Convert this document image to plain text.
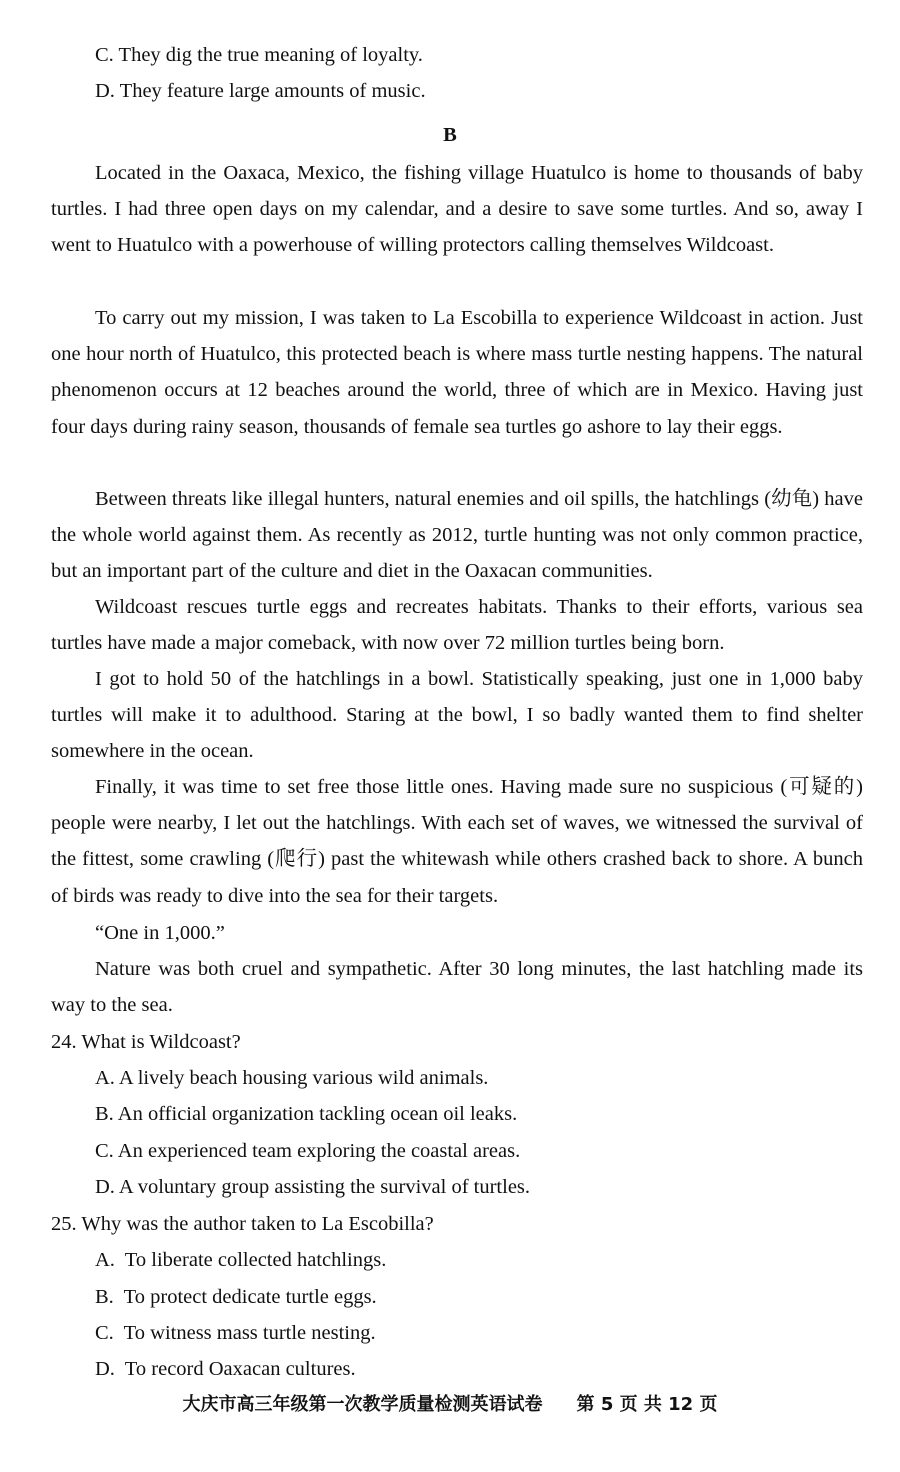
C. They dig the true meaning of loyalty.
D. They feature large amounts of music.
B
Located in the Oaxaca, Mexico, the fishing village Huatulco is home to thousands of baby turtles. I had three open days on my calendar, and a desire to save some turtles. And so, away I went to Huatulco with a powerhouse of willing protectors calling themselves Wildcoast.
To carry out my mission, I was taken to La Escobilla to experience Wildcoast in action. Just one hour north of Huatulco, this protected beach is where mass turtle nesting happens. The natural phenomenon occurs at 12 beaches around the world, three of which are in Mexico. Having just four days during rainy season, thousands of female sea turtles go ashore to lay their eggs.
Between threats like illegal hunters, natural enemies and oil spills, the hatchlings (幼龟) have the whole world against them. As recently as 2012, turtle hunting was not only common practice, but an important part of the culture and diet in the Oaxacan communities.
Wildcoast rescues turtle eggs and recreates habitats. Thanks to their efforts, various sea turtles have made a major comeback, with now over 72 million turtles being born.
I got to hold 50 of the hatchlings in a bowl. Statistically speaking, just one in 1,000 baby turtles will make it to adulthood. Staring at the bowl, I so badly wanted them to find shelter somewhere in the ocean.
Finally, it was time to set free those little ones. Having made sure no suspicious (可疑的) people were nearby, I let out the hatchlings. With each set of waves, we witnessed the survival of the fittest, some crawling (爬行) past the whitewash while others crashed back to shore. A bunch of birds was ready to dive into the sea for their targets.
“One in 1,000.”
Nature was both cruel and sympathetic. After 30 long minutes, the last hatchling made its way to the sea.
24. What is Wildcoast?
A. A lively beach housing various wild animals.
B. An official organization tackling ocean oil leaks.
C. An experienced team exploring the coastal areas.
D. A voluntary group assisting the survival of turtles.
25. Why was the author taken to La Escobilla?
A.  To liberate collected hatchlings.
B.  To protect dedicate turtle eggs.
C.  To witness mass turtle nesting.
D.  To record Oaxacan cultures.
大庆市高三年级第一次教学质量检测英语试卷 第 5 页 共 12 页
